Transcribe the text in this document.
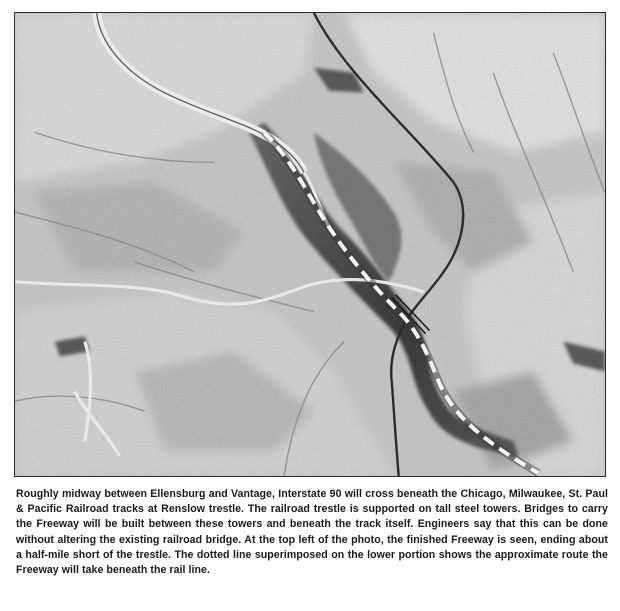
Roughly midway between Ellensburg and Vantage, Interstate 90 will cross beneath the Chicago, Milwaukee, St. Paul & Pacific Railroad tracks at Renslow trestle. The railroad trestle is supported on tall steel towers. Bridges to carry the Freeway will be built between these towers and beneath the track itself. Engineers say that this can be done without altering the existing railroad bridge. At the top left of the photo, the finished Freeway is seen, ending about a half-mile short of the trestle. The dotted line superimposed on the lower portion shows the approximate route the Freeway will take beneath the rail line.
